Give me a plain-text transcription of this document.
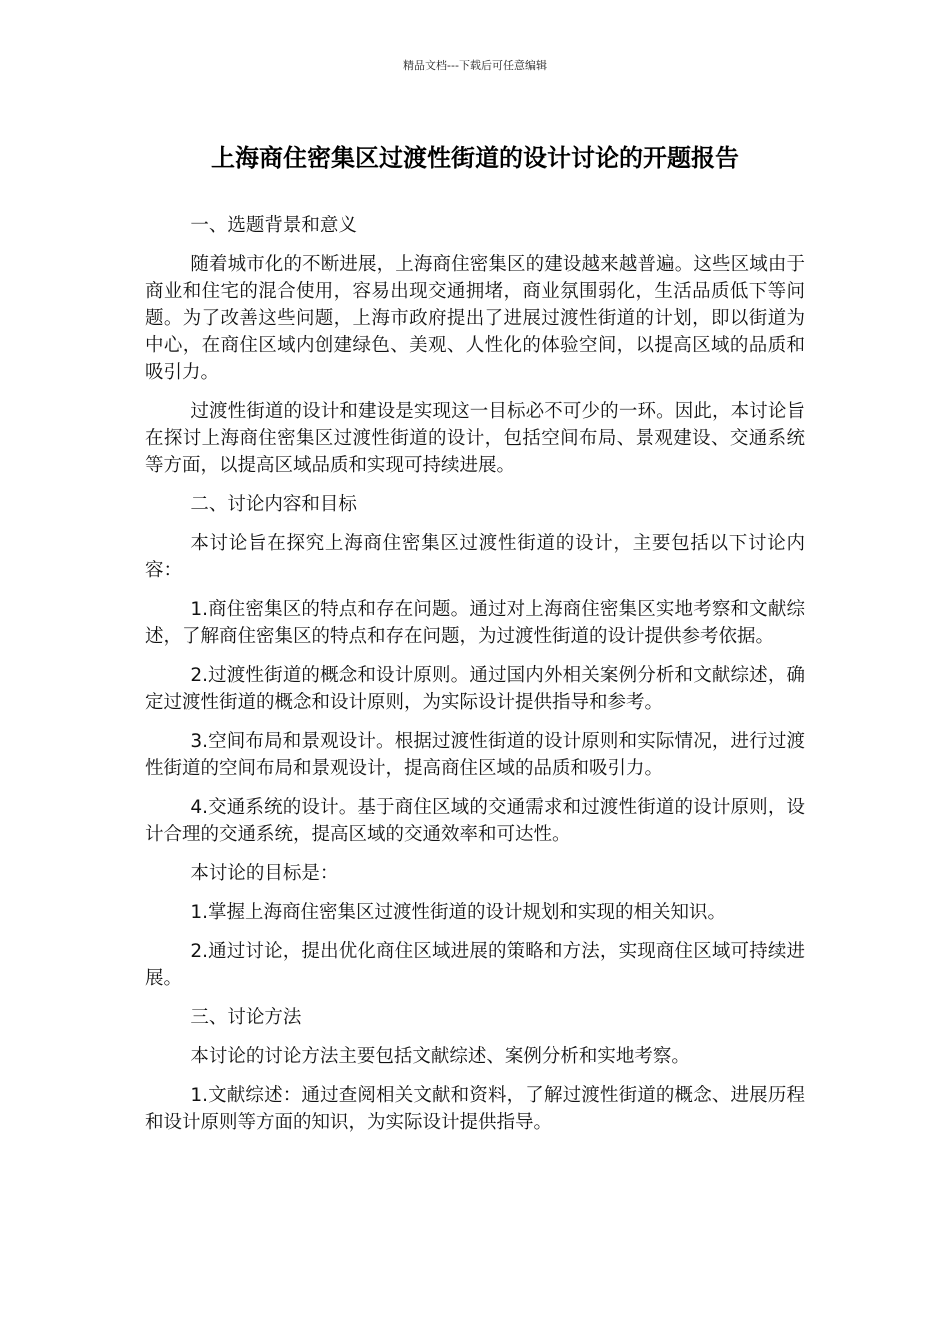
精品文档---下载后可任意编辑
上海商住密集区过渡性街道的设计讨论的开题报告

一、选题背景和意义

随着城市化的不断进展，上海商住密集区的建设越来越普遍。这些区域由于商业和住宅的混合使用，容易出现交通拥堵，商业氛围弱化，生活品质低下等问题。为了改善这些问题，上海市政府提出了进展过渡性街道的计划，即以街道为中心，在商住区域内创建绿色、美观、人性化的体验空间，以提高区域的品质和吸引力。

过渡性街道的设计和建设是实现这一目标必不可少的一环。因此，本讨论旨在探讨上海商住密集区过渡性街道的设计，包括空间布局、景观建设、交通系统等方面，以提高区域品质和实现可持续进展。

二、讨论内容和目标

本讨论旨在探究上海商住密集区过渡性街道的设计，主要包括以下讨论内容：

1.商住密集区的特点和存在问题。通过对上海商住密集区实地考察和文献综述，了解商住密集区的特点和存在问题，为过渡性街道的设计提供参考依据。

2.过渡性街道的概念和设计原则。通过国内外相关案例分析和文献综述，确定过渡性街道的概念和设计原则，为实际设计提供指导和参考。

3.空间布局和景观设计。根据过渡性街道的设计原则和实际情况，进行过渡性街道的空间布局和景观设计，提高商住区域的品质和吸引力。

4.交通系统的设计。基于商住区域的交通需求和过渡性街道的设计原则，设计合理的交通系统，提高区域的交通效率和可达性。

本讨论的目标是：

1.掌握上海商住密集区过渡性街道的设计规划和实现的相关知识。

2.通过讨论，提出优化商住区域进展的策略和方法，实现商住区域可持续进展。

三、讨论方法

本讨论的讨论方法主要包括文献综述、案例分析和实地考察。

1.文献综述：通过查阅相关文献和资料，了解过渡性街道的概念、进展历程和设计原则等方面的知识，为实际设计提供指导。
